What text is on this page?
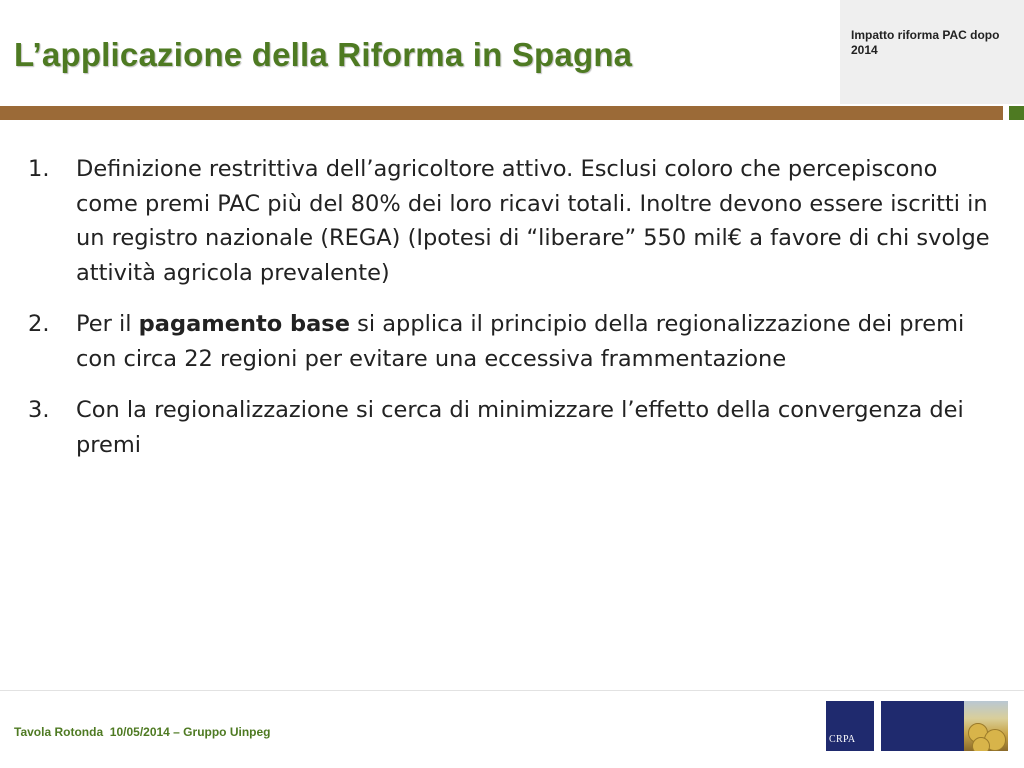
L’applicazione della Riforma in Spagna
Impatto riforma PAC dopo 2014
1.	Definizione restrittiva dell’agricoltore attivo. Esclusi coloro che percepiscono come premi PAC più del 80% dei loro ricavi totali. Inoltre devono essere iscritti in un registro nazionale (REGA) (Ipotesi di “liberare” 550 mil€ a favore di chi svolge attività agricola prevalente)
2.	Per il pagamento base si applica il principio della regionalizzazione dei premi con circa 22 regioni per evitare una eccessiva frammentazione
3.	Con la regionalizzazione si cerca di minimizzare l’effetto della convergenza dei premi
Tavola Rotonda  10/05/2014 – Gruppo Uinpeg
CRPA
